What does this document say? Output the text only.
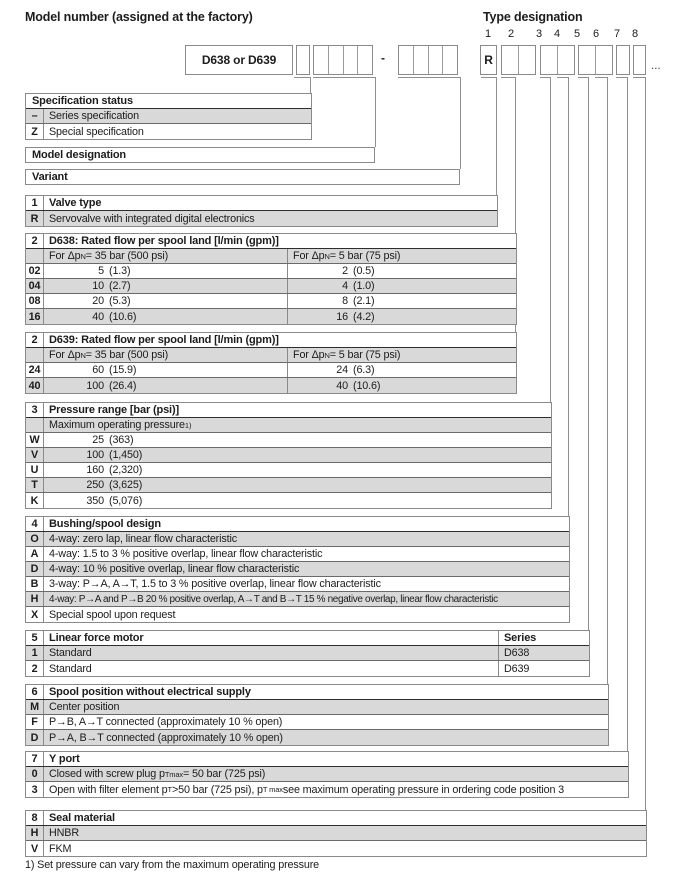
Model number (assigned at the factory)	Type designation
1 2 3 4 5 6 7 8
D638 or D639	-	R	...
Specification status
–	Series specification
Z	Special specification
Model designation
Variant
1	Valve type
R Servovalve with integrated digital electronics
2	D638: Rated flow per spool land [l/min (gpm)]
For Δp N = 35 bar (500 psi)	For Δp N = 5 bar (75 psi)
02	5 (1.3)	2 (0.5)
04	10 (2.7)	4 (1.0)
08	20 (5.3)	8 (2.1)
16	40 (10.6)	16 (4.2)
2	D639: Rated flow per spool land [l/min (gpm)]
For Δp N = 35 bar (500 psi)	For Δp N = 5 bar (75 psi)
24	60 (15.9)	24 (6.3)
40	100 (26.4)	40 (10.6)
3	Pressure range [bar (psi)]
Maximum operating pressure 1)
W	25 (363)
V	100 (1,450)
U	160 (2,320)
T	250 (3,625)
K	350 (5,076)
4	Bushing/spool design
O 4-way: zero lap, linear flow characteristic
A 4-way: 1.5 to 3 % positive overlap, linear flow characteristic
D 4-way: 10 % positive overlap, linear flow characteristic
B 3-way: P→A, A→T, 1.5 to 3 % positive overlap, linear flow characteristic
H	4-way: P→A and P→B 20 % positive overlap, A→T and B→T 15 % negative overlap, linear flow characteristic
X	Special spool upon request
5	Linear force motor	Series
1	Standard	D638
2	Standard	D639
6	Spool position without electrical supply
M Center position
F	P→B, A→T connected (approximately 10 % open)
D P→A, B→T connected (approximately 10 % open)
7	Y port
0	Closed with screw plug p Tmax = 50 bar (725 psi)
3	Open with filter element p T >50 bar (725 psi), p T max see maximum operating pressure in ordering code position 3
8	Seal material
H HNBR
V	FKM
1) Set pressure can vary from the maximum operating pressure
